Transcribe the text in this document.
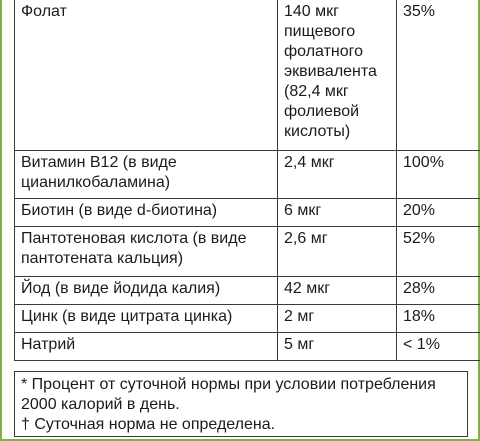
Фолат	140 мкг пищевого фолатного эквивалента (82,4 мкг фолиевой кислоты)	35%
Витамин B12 (в виде цианилкобаламина)	2,4 мкг	100%
Биотин (в виде d-биотина)	6 мкг	20%
Пантотеновая кислота (в виде пантотената кальция)	2,6 мг	52%
Йод (в виде йодида калия)	42 мкг	28%
Цинк (в виде цитрата цинка)	2 мг	18%
Натрий	5 мг	< 1%
* Процент от суточной нормы при условии потребления 2000 калорий в день.
† Суточная норма не определена.
